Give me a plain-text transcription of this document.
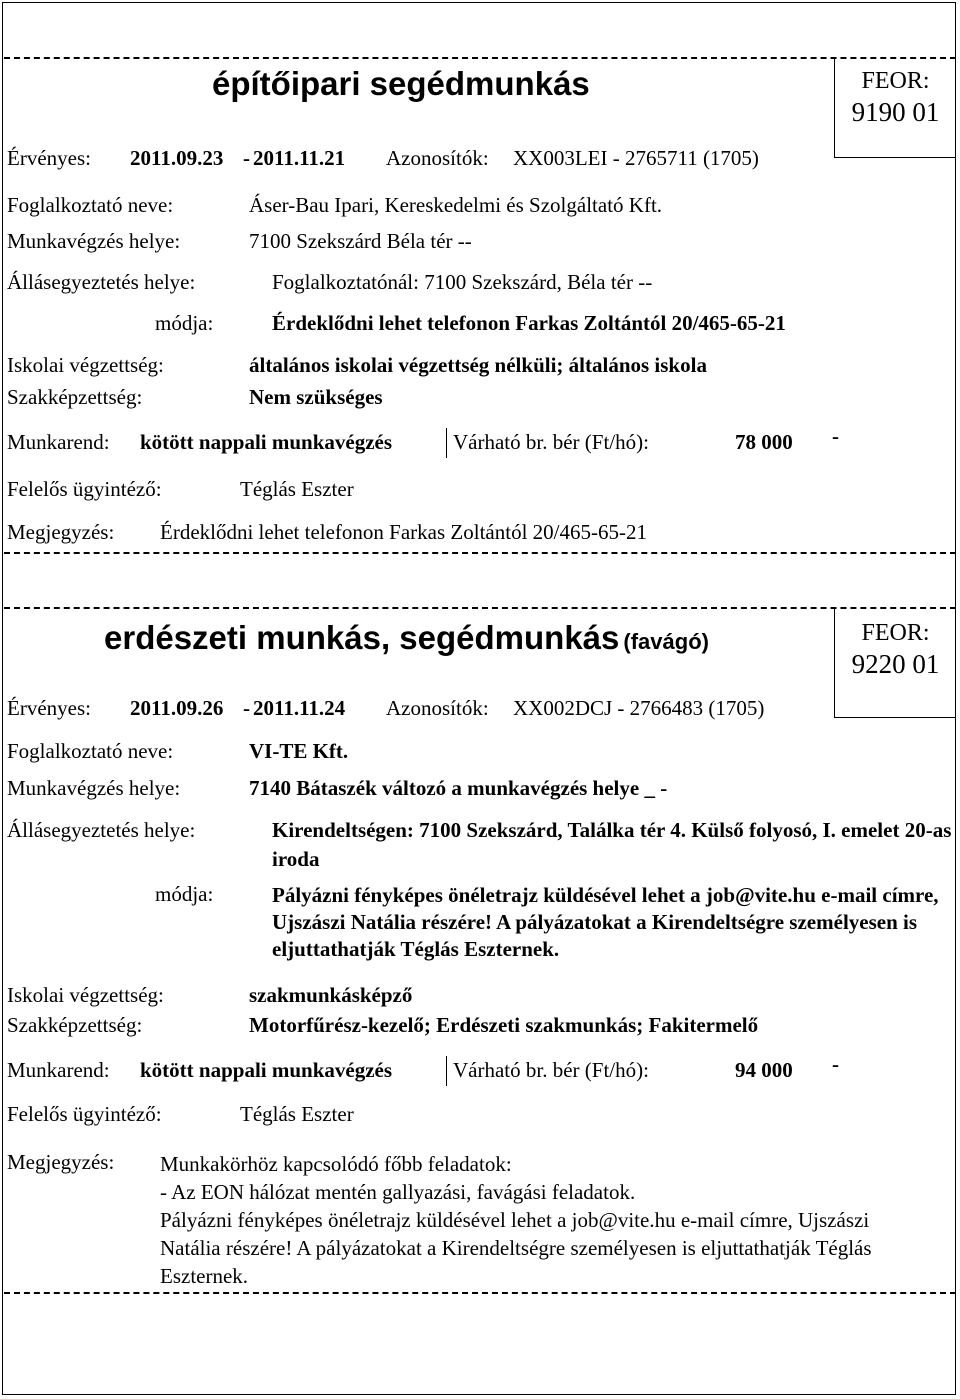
építőipari segédmunkás	FEOR:
9190 01
Érvényes: 2011.09.23 - 2011.11.21 Azonosítók: XX003LEI - 2765711 (1705)
Foglalkoztató neve:	Áser-Bau Ipari, Kereskedelmi és Szolgáltató Kft.
Munkavégzés helye:	7100 Szekszárd Béla tér --
Állásegyeztetés helye:	Foglalkoztatónál: 7100 Szekszárd, Béla tér --
módja:	Érdeklődni lehet telefonon Farkas Zoltántól 20/465-65-21
Iskolai végzettség:	általános iskolai végzettség nélküli; általános iskola
Szakképzettség:	Nem szükséges
Munkarend: kötött nappali munkavégzés	Várható br. bér (Ft/hó):	78 000 -
Felelős ügyintéző:	Téglás Eszter
Megjegyzés: Érdeklődni lehet telefonon Farkas Zoltántól 20/465-65-21
erdészeti munkás, segédmunkás (favágó)	FEOR:
9220 01
Érvényes: 2011.09.26 - 2011.11.24 Azonosítók: XX002DCJ - 2766483 (1705)
Foglalkoztató neve:	VI-TE Kft.
Munkavégzés helye:	7140 Bátaszék változó a munkavégzés helye _ -
Állásegyeztetés helye:	Kirendeltségen: 7100 Szekszárd, Találka tér 4. Külső folyosó, I. emelet 20-as iroda
módja:	Pályázni fényképes önéletrajz küldésével lehet a job@vite.hu e-mail címre, Ujszászi Natália részére! A pályázatokat a Kirendeltségre személyesen is eljuttathatják Téglás Eszternek.
Iskolai végzettség:	szakmunkásképző
Szakképzettség:	Motorfűrész-kezelő; Erdészeti szakmunkás; Fakitermelő
Munkarend: kötött nappali munkavégzés	Várható br. bér (Ft/hó):	94 000 -
Felelős ügyintéző:	Téglás Eszter
Megjegyzés: Munkakörhöz kapcsolódó főbb feladatok:
- Az EON hálózat mentén gallyazási, favágási feladatok.
Pályázni fényképes önéletrajz küldésével lehet a job@vite.hu e-mail címre, Ujszászi Natália részére! A pályázatokat a Kirendeltségre személyesen is eljuttathatják Téglás Eszternek.
